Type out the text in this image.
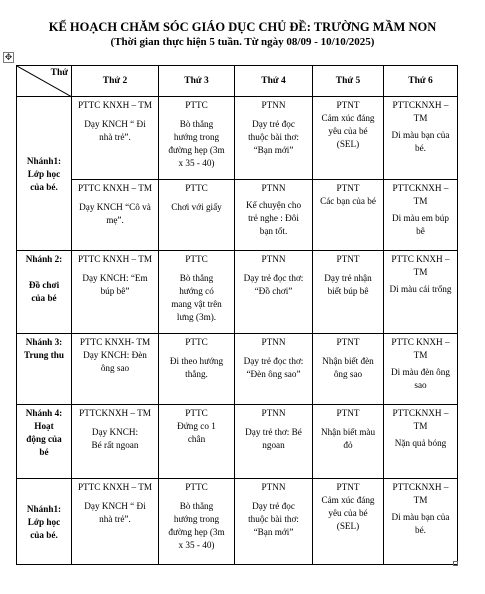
KẾ HOẠCH CHĂM SÓC GIÁO DỤC CHỦ ĐỀ: TRƯỜNG MẦM NON
(Thời gian thực hiện 5 tuần. Từ ngày 08/09 - 10/10/2025)
✥
Thứ	Thứ 2	Thứ 3	Thứ 4	Thứ 5	Thứ 6

Nhánh1:
Lớp học
của bé.	PTTC KNXH – TM
Dạy KNCH “ Đi
nhà trẻ”.	PTTC
Bò thẳng
hướng trong
đường hẹp (3m
x 35 - 40)	PTNN
Dạy trẻ đọc
thuộc bài thơ:
“Bạn mới”	PTNT
Cảm xúc đáng
yêu của bé
(SEL)	PTTCKNXH –
TM
Di màu bạn của
bé.

	PTTC KNXH – TM
Dạy KNCH “Cô và
mẹ”.	PTTC
Chơi với giấy	PTNN
Kể chuyện cho
trẻ nghe : Đôi
bạn tốt.	PTNT
Các bạn của bé	PTTCKNXH –
TM
Di màu em búp
bê

Nhánh 2:

Đồ chơi
của bé	PTTC KNXH – TM
Dạy KNCH: “Em
búp bê”	PTTC
Bò thẳng
hướng có
mang vật trên
lưng (3m).	PTNN
Dạy trẻ đọc thơ:
“Đồ chơi”	PTNT
Dạy trẻ nhận
biết búp bê	PTTC KNXH –
TM
Di màu cái trống

Nhánh 3:
Trung thu	PTTC KNXH- TM
Dạy KNCH: Đèn
ông sao	PTTC
Đi theo hướng
thẳng.	PTNN
Dạy trẻ đọc thơ:
“Đèn ông sao”	PTNT
Nhận biết đèn
ông sao	PTTC KNXH –
TM
Di màu đèn ông
sao

Nhánh 4:
Hoạt
động của
bé	PTTCKNXH – TM
Dạy KNCH:
Bé rất ngoan	PTTC
Đứng co 1
chân	PTNN
Dạy trẻ thơ: Bé
ngoan	PTNT
Nhận biết màu
đỏ	PTTCKNXH –
TM
Nặn quả bóng

Nhánh1:
Lớp học
của bé.	PTTC KNXH – TM
Dạy KNCH “ Đi
nhà trẻ”.	PTTC
Bò thẳng
hướng trong
đường hẹp (3m
x 35 - 40)	PTNN
Dạy trẻ đọc
thuộc bài thơ:
“Bạn mới”	PTNT
Cảm xúc đáng
yêu của bé
(SEL)	PTTCKNXH –
TM
Di màu bạn của
bé.
